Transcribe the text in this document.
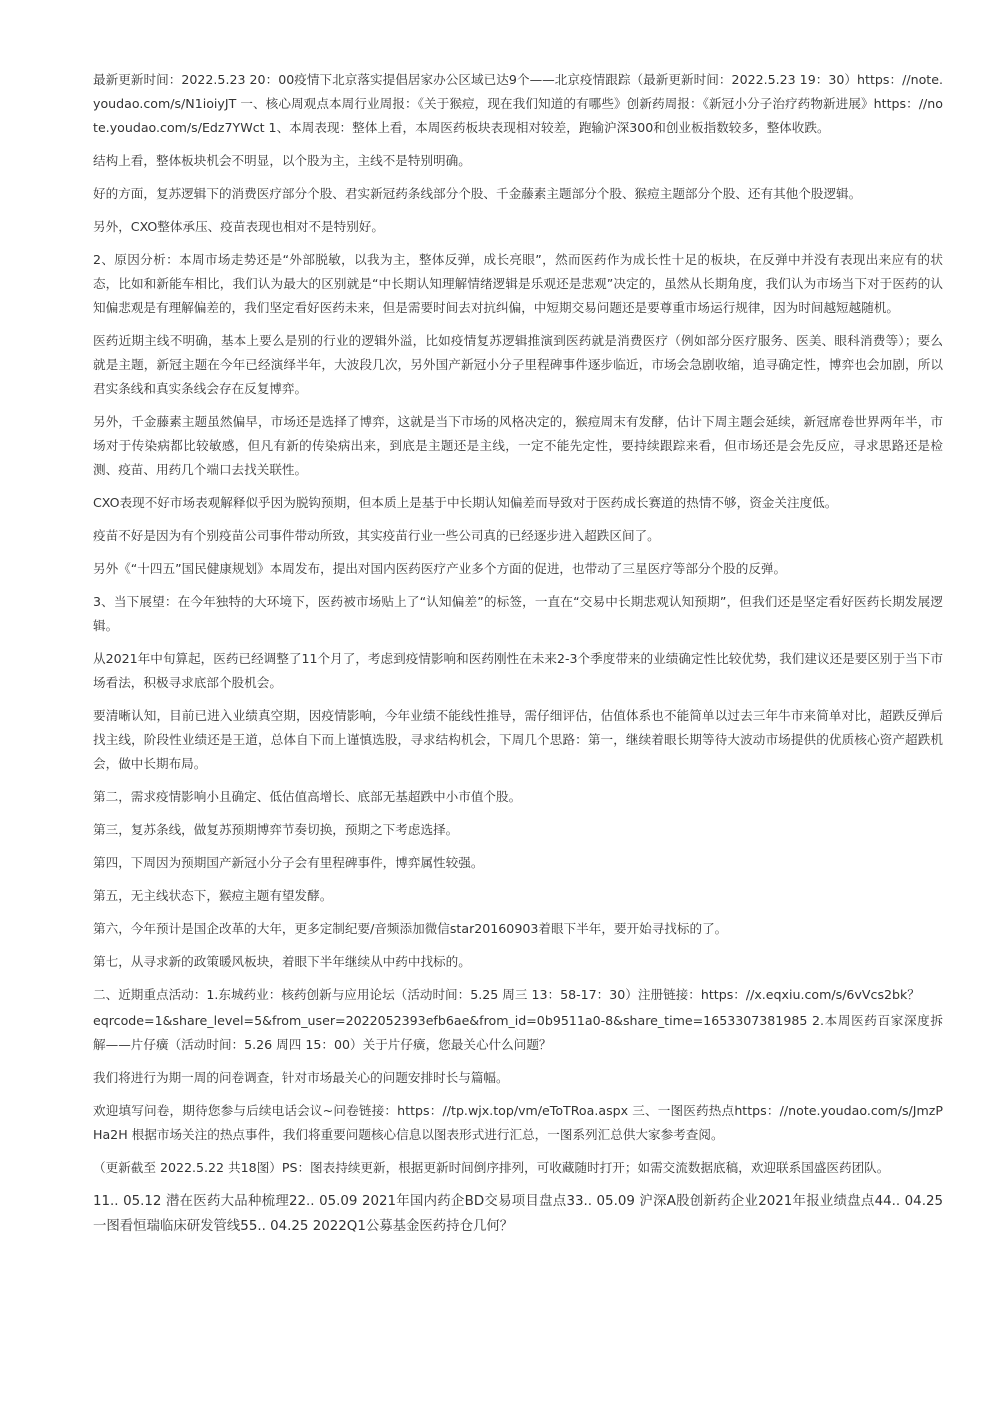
最新更新时间：2022.5.23 20：00疫情下北京落实提倡居家办公区域已达9个——北京疫情跟踪（最新更新时间：2022.5.23 19：30）https：//note.youdao.com/s/N1ioiyJT 一、核心周观点本周行业周报：《关于猴痘，现在我们知道的有哪些》创新药周报：《新冠小分子治疗药物新进展》https：//note.youdao.com/s/Edz7YWct 1、本周表现：整体上看，本周医药板块表现相对较差，跑输沪深300和创业板指数较多，整体收跌。

结构上看，整体板块机会不明显，以个股为主，主线不是特别明确。

好的方面，复苏逻辑下的消费医疗部分个股、君实新冠药条线部分个股、千金藤素主题部分个股、猴痘主题部分个股、还有其他个股逻辑。

另外，CXO整体承压、疫苗表现也相对不是特别好。

2、原因分析：本周市场走势还是“外部脱敏，以我为主，整体反弹，成长亮眼”，然而医药作为成长性十足的板块，在反弹中并没有表现出来应有的状态，比如和新能车相比，我们认为最大的区别就是“中长期认知理解情绪逻辑是乐观还是悲观”决定的，虽然从长期角度，我们认为市场当下对于医药的认知偏悲观是有理解偏差的，我们坚定看好医药未来，但是需要时间去对抗纠偏，中短期交易问题还是要尊重市场运行规律，因为时间越短越随机。

医药近期主线不明确，基本上要么是别的行业的逻辑外溢，比如疫情复苏逻辑推演到医药就是消费医疗（例如部分医疗服务、医美、眼科消费等）；要么就是主题，新冠主题在今年已经演绎半年，大波段几次，另外国产新冠小分子里程碑事件逐步临近，市场会急剧收缩，追寻确定性，博弈也会加剧，所以君实条线和真实条线会存在反复博弈。

另外，千金藤素主题虽然偏早，市场还是选择了博弈，这就是当下市场的风格决定的，猴痘周末有发酵，估计下周主题会延续，新冠席卷世界两年半，市场对于传染病都比较敏感，但凡有新的传染病出来，到底是主题还是主线，一定不能先定性，要持续跟踪来看，但市场还是会先反应，寻求思路还是检测、疫苗、用药几个端口去找关联性。

CXO表现不好市场表观解释似乎因为脱钩预期，但本质上是基于中长期认知偏差而导致对于医药成长赛道的热情不够，资金关注度低。

疫苗不好是因为有个别疫苗公司事件带动所致，其实疫苗行业一些公司真的已经逐步进入超跌区间了。

另外《“十四五”国民健康规划》本周发布，提出对国内医药医疗产业多个方面的促进，也带动了三星医疗等部分个股的反弹。

3、当下展望：在今年独特的大环境下，医药被市场贴上了“认知偏差”的标签，一直在“交易中长期悲观认知预期”，但我们还是坚定看好医药长期发展逻辑。

从2021年中旬算起，医药已经调整了11个月了，考虑到疫情影响和医药刚性在未来2-3个季度带来的业绩确定性比较优势，我们建议还是要区别于当下市场看法，积极寻求底部个股机会。

要清晰认知，目前已进入业绩真空期，因疫情影响，今年业绩不能线性推导，需仔细评估，估值体系也不能简单以过去三年牛市来简单对比，超跌反弹后找主线，阶段性业绩还是王道，总体自下而上谨慎选股，寻求结构机会，下周几个思路：第一，继续着眼长期等待大波动市场提供的优质核心资产超跌机会，做中长期布局。

第二，需求疫情影响小且确定、低估值高增长、底部无基超跌中小市值个股。

第三，复苏条线，做复苏预期博弈节奏切换，预期之下考虑选择。

第四，下周因为预期国产新冠小分子会有里程碑事件，博弈属性较强。

第五，无主线状态下，猴痘主题有望发酵。

第六，今年预计是国企改革的大年，更多定制纪要/音频添加微信star20160903着眼下半年，要开始寻找标的了。

第七，从寻求新的政策暖风板块，着眼下半年继续从中药中找标的。

二、近期重点活动：1.东城药业：核药创新与应用论坛（活动时间：5.25 周三 13：58-17：30）注册链接：https：//x.eqxiu.com/s/6vVcs2bk？

eqrcode=1&share_level=5&from_user=2022052393efb6ae&from_id=0b9511a0-8&share_time=1653307381985 2.本周医药百家深度拆解——片仔癀（活动时间：5.26 周四 15：00）关于片仔癀，您最关心什么问题？

我们将进行为期一周的问卷调查，针对市场最关心的问题安排时长与篇幅。

欢迎填写问卷，期待您参与后续电话会议~问卷链接：https：//tp.wjx.top/vm/eToTRoa.aspx 三、一图医药热点https：//note.youdao.com/s/JmzPHa2H 根据市场关注的热点事件，我们将重要问题核心信息以图表形式进行汇总，一图系列汇总供大家参考查阅。

（更新截至 2022.5.22 共18图）PS：图表持续更新，根据更新时间倒序排列，可收藏随时打开；如需交流数据底稿，欢迎联系国盛医药团队。

11.. 05.12 潜在医药大品种梳理22.. 05.09 2021年国内药企BD交易项目盘点33.. 05.09 沪深A股创新药企业2021年报业绩盘点44.. 04.25 一图看恒瑞临床研发管线55.. 04.25 2022Q1公募基金医药持仓几何？
